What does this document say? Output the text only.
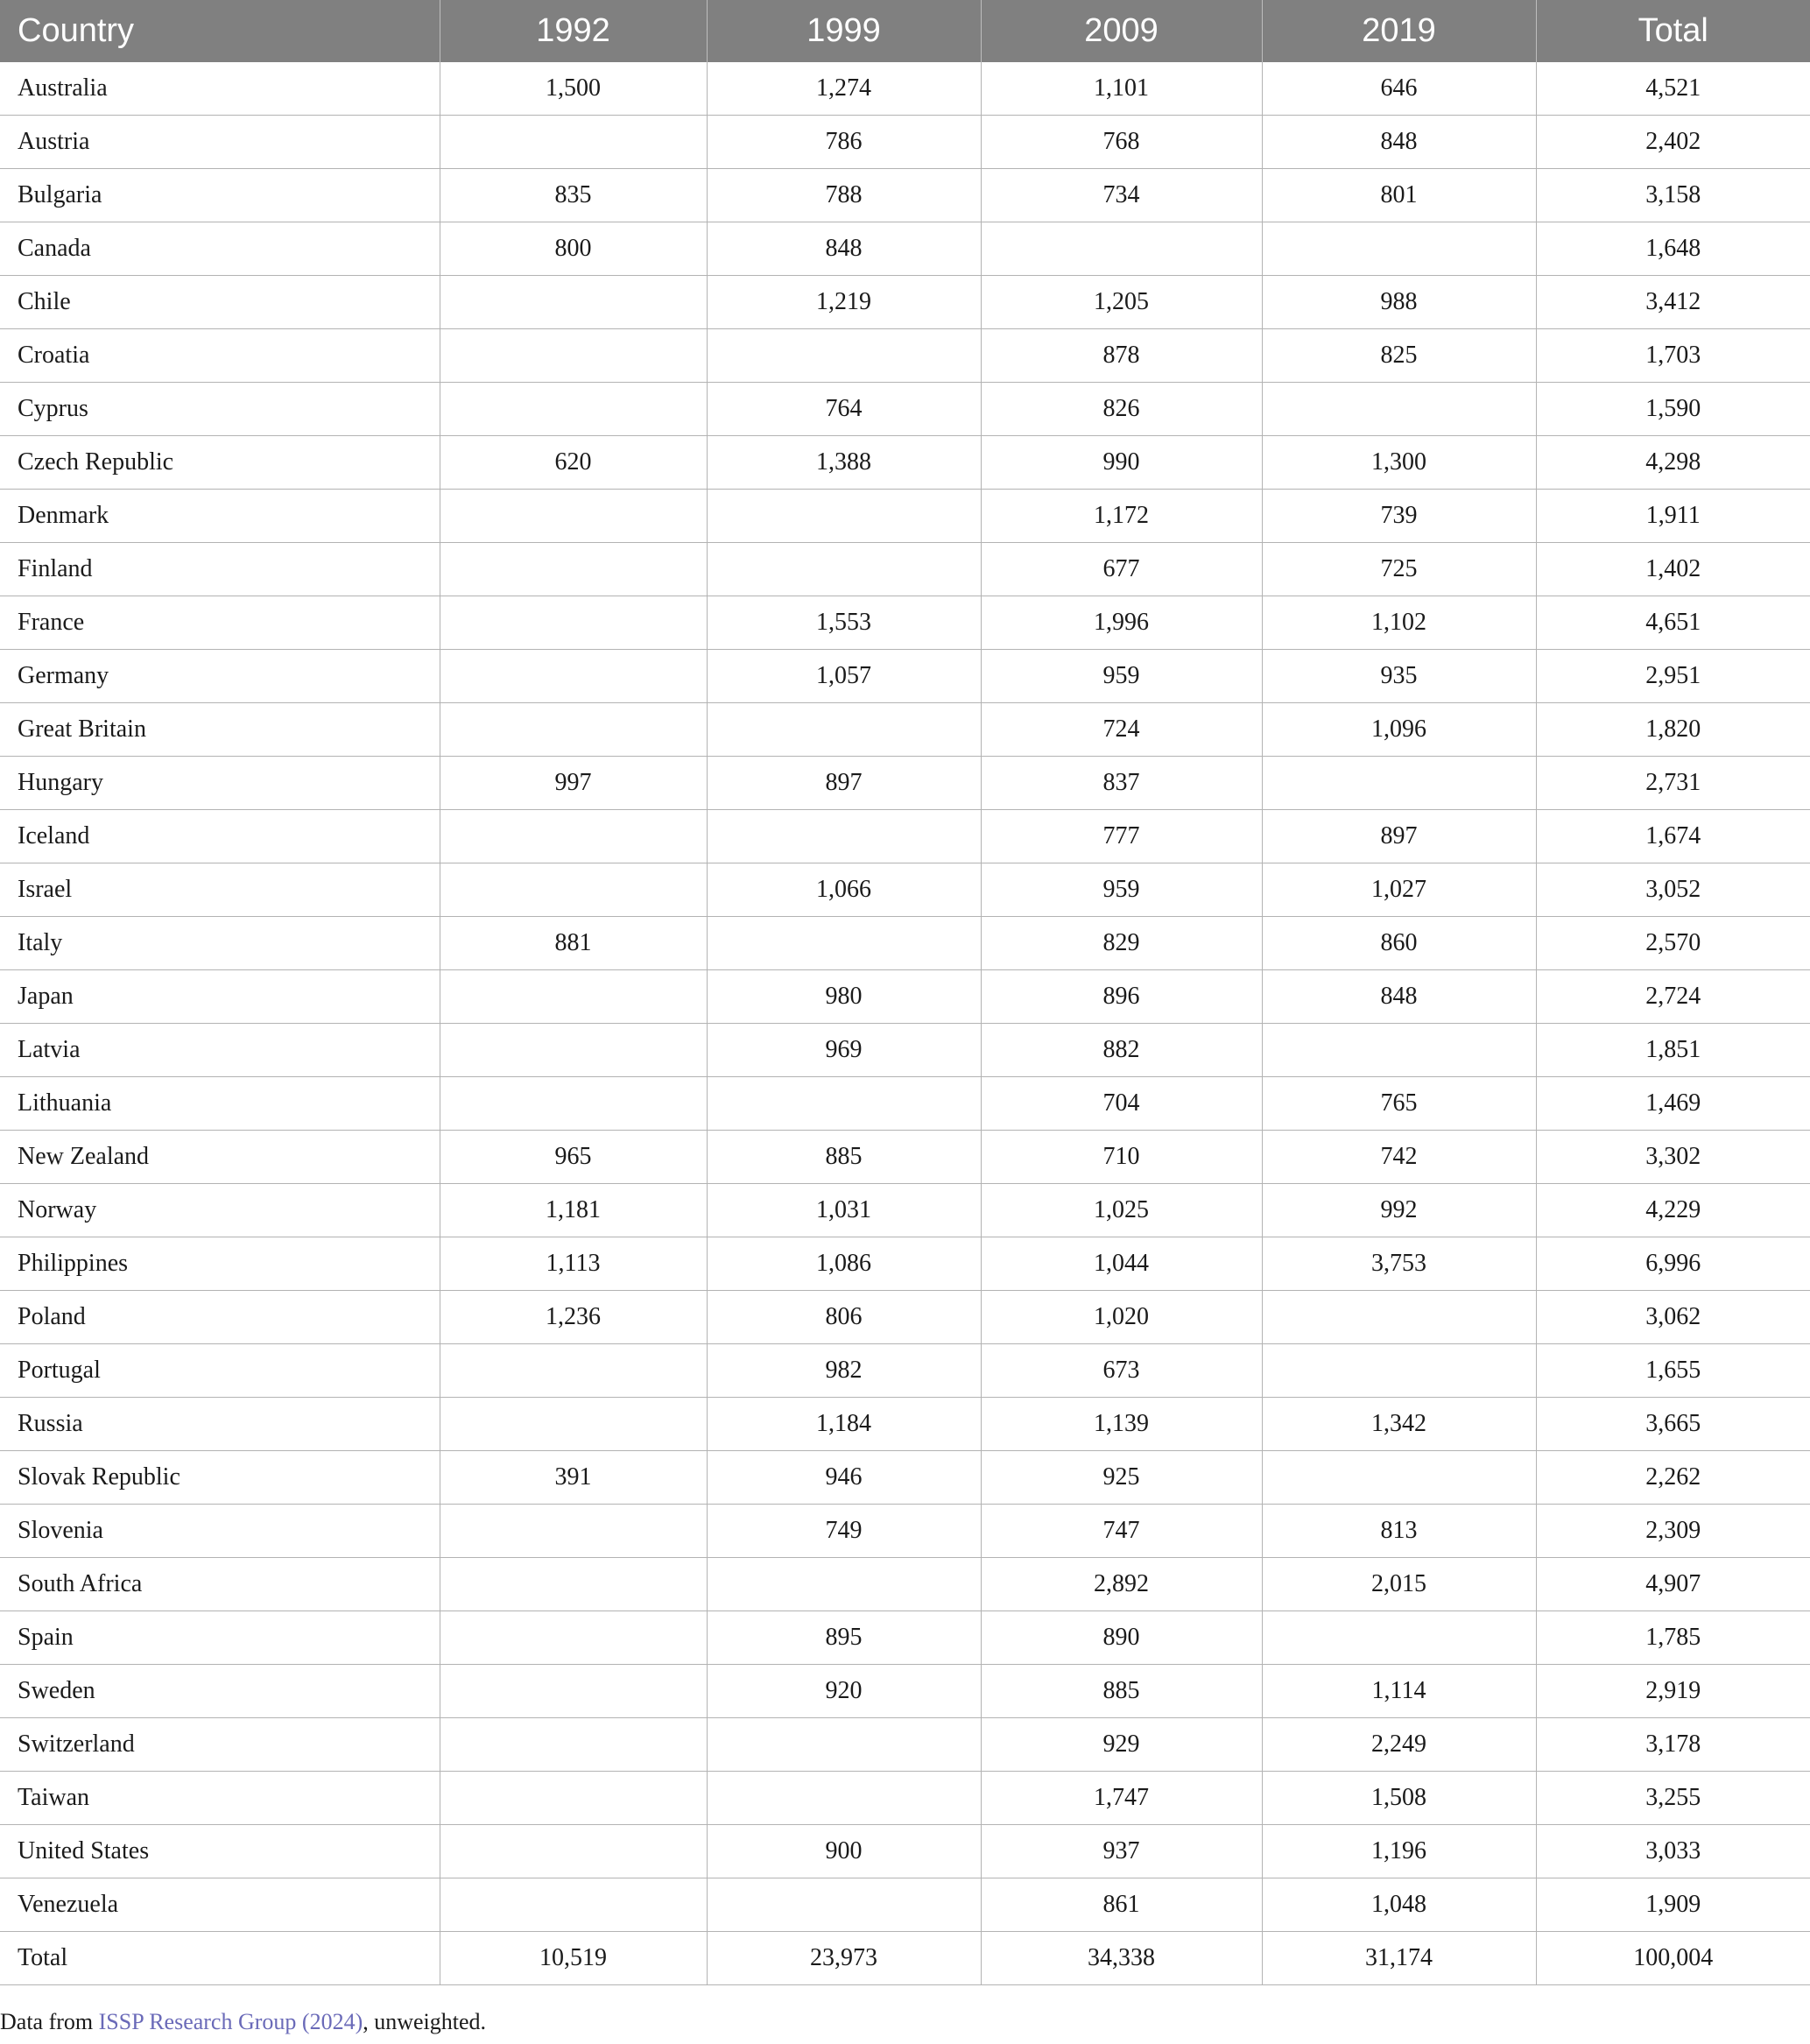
Country	1992	1999	2009	2019	Total
Australia	1,500	1,274	1,101	646	4,521
Austria		786	768	848	2,402
Bulgaria	835	788	734	801	3,158
Canada	800	848			1,648
Chile		1,219	1,205	988	3,412
Croatia			878	825	1,703
Cyprus		764	826		1,590
Czech Republic	620	1,388	990	1,300	4,298
Denmark			1,172	739	1,911
Finland			677	725	1,402
France		1,553	1,996	1,102	4,651
Germany		1,057	959	935	2,951
Great Britain			724	1,096	1,820
Hungary	997	897	837		2,731
Iceland			777	897	1,674
Israel		1,066	959	1,027	3,052
Italy	881		829	860	2,570
Japan		980	896	848	2,724
Latvia		969	882		1,851
Lithuania			704	765	1,469
New Zealand	965	885	710	742	3,302
Norway	1,181	1,031	1,025	992	4,229
Philippines	1,113	1,086	1,044	3,753	6,996
Poland	1,236	806	1,020		3,062
Portugal		982	673		1,655
Russia		1,184	1,139	1,342	3,665
Slovak Republic	391	946	925		2,262
Slovenia		749	747	813	2,309
South Africa			2,892	2,015	4,907
Spain		895	890		1,785
Sweden		920	885	1,114	2,919
Switzerland			929	2,249	3,178
Taiwan			1,747	1,508	3,255
United States		900	937	1,196	3,033
Venezuela			861	1,048	1,909
Total	10,519	23,973	34,338	31,174	100,004
Data from ISSP Research Group (2024), unweighted.
